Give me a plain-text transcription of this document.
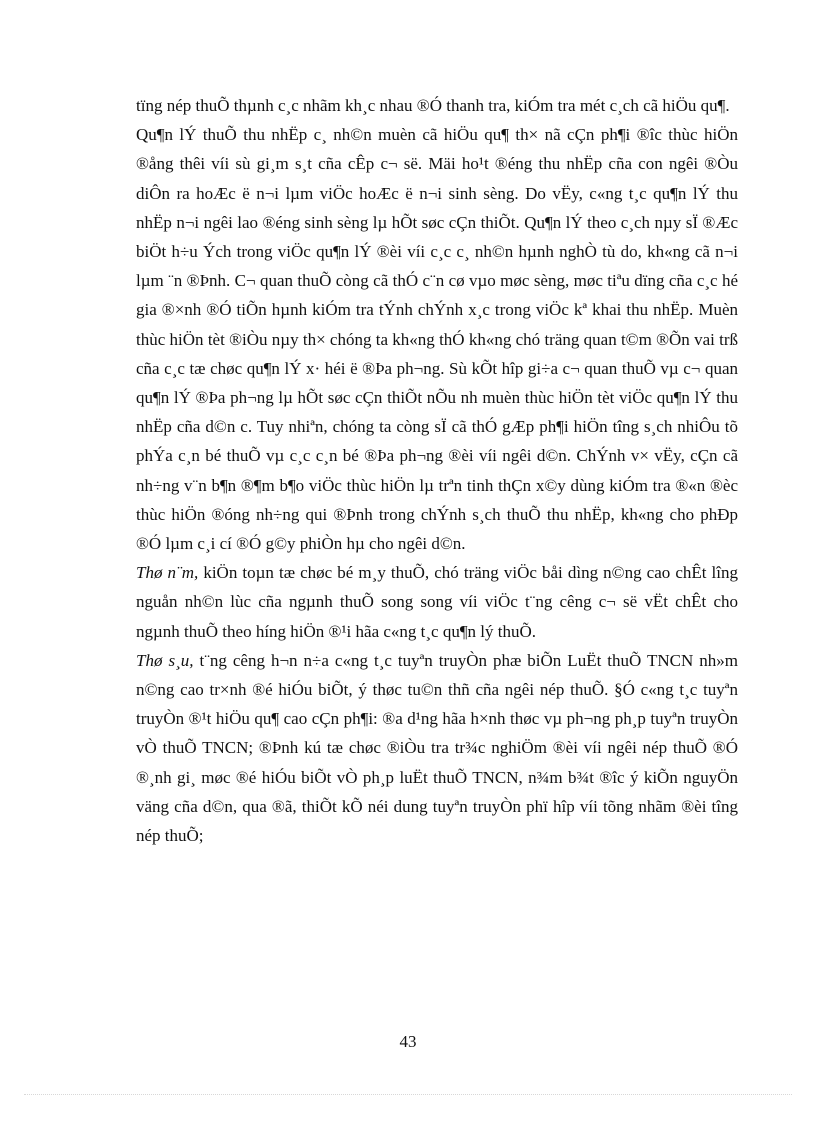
tïng nép thuÕ thµnh c¸c nhãm kh¸c nhau ®Ó thanh tra, kiÓm tra mét c¸ch cã hiÖu qu¶.

Qu¶n lÝ thuÕ thu nhËp c¸ nh©n muèn cã hiÖu qu¶ th× nã cÇn ph¶i ®îc thùc hiÖn ®ång thêi víi sù gi¸m s¸t cña cÊp c¬ së. Mäi ho¹t ®éng thu nhËp cña con ngêi ®Òu diÔn ra hoÆc ë n¬i lµm viÖc hoÆc ë n¬i sinh sèng. Do vËy, c«ng t¸c qu¶n lÝ thu nhËp n¬i ngêi lao ®éng sinh sèng lµ hÕt søc cÇn thiÕt. Qu¶n lÝ theo c¸ch nµy sÏ ®Æc biÖt h÷u Ých trong viÖc qu¶n lÝ ®èi víi c¸c c¸ nh©n hµnh nghÒ tù do, kh«ng cã n¬i lµm ¨n ®Þnh. C¬ quan thuÕ còng cã thÓ c¨n cø vµo møc sèng, møc tiªu dïng cña c¸c hé gia ®×nh ®Ó tiÕn hµnh kiÓm tra tÝnh chÝnh x¸c trong viÖc kª khai thu nhËp. Muèn thùc hiÖn tèt ®iÒu nµy th× chóng ta kh«ng thÓ kh«ng chó träng quan t©m ®Õn vai trß cña c¸c tæ chøc qu¶n lÝ x· héi ë ®Þa ph¬ng. Sù kÕt hîp gi÷a c¬ quan thuÕ vµ c¬ quan qu¶n lÝ ®Þa ph¬ng lµ hÕt søc cÇn thiÕt nÕu nh muèn thùc hiÖn tèt viÖc qu¶n lÝ thu nhËp cña d©n c. Tuy nhiªn, chóng ta còng sÏ cã thÓ gÆp ph¶i hiÖn tîng s¸ch nhiÔu tõ phÝa c¸n bé thuÕ vµ c¸c c¸n bé ®Þa ph¬ng ®èi víi ngêi d©n. ChÝnh v× vËy, cÇn cã nh÷ng v¨n b¶n ®¶m b¶o viÖc thùc hiÖn lµ trªn tinh thÇn x©y dùng kiÓm tra ®«n ®èc thùc hiÖn ®óng nh÷ng qui ®Þnh trong chÝnh s¸ch thuÕ thu nhËp, kh«ng cho phÐp ®Ó lµm c¸i cí ®Ó g©y phiÒn hµ cho ngêi d©n.

Thø n¨m, kiÖn toµn tæ chøc bé m¸y thuÕ, chó träng viÖc båi dìng n©ng cao chÊt lîng nguån nh©n lùc cña ngµnh thuÕ song song víi viÖc t¨ng cêng c¬ së vËt chÊt cho ngµnh thuÕ theo híng hiÖn ®¹i hãa c«ng t¸c qu¶n lý thuÕ.

Thø s¸u, t¨ng cêng h¬n n÷a c«ng t¸c tuyªn truyÒn phæ biÕn LuËt thuÕ TNCN nh»m n©ng cao tr×nh ®é hiÓu biÕt, ý thøc tu©n thñ cña ngêi nép thuÕ. §Ó c«ng t¸c tuyªn truyÒn ®¹t hiÖu qu¶ cao cÇn ph¶i: ®a d¹ng hãa h×nh thøc vµ ph¬ng ph¸p tuyªn truyÒn vÒ thuÕ TNCN; ®Þnh kú tæ chøc ®iÒu tra tr¾c nghiÖm ®èi víi ngêi nép thuÕ ®Ó ®¸nh gi¸ møc ®é hiÓu biÕt vÒ ph¸p luËt thuÕ TNCN, n¾m b¾t ®îc ý kiÕn nguyÖn väng cña d©n, qua ®ã, thiÕt kÕ néi dung tuyªn truyÒn phï hîp víi tõng nhãm ®èi tîng nép thuÕ;

43
